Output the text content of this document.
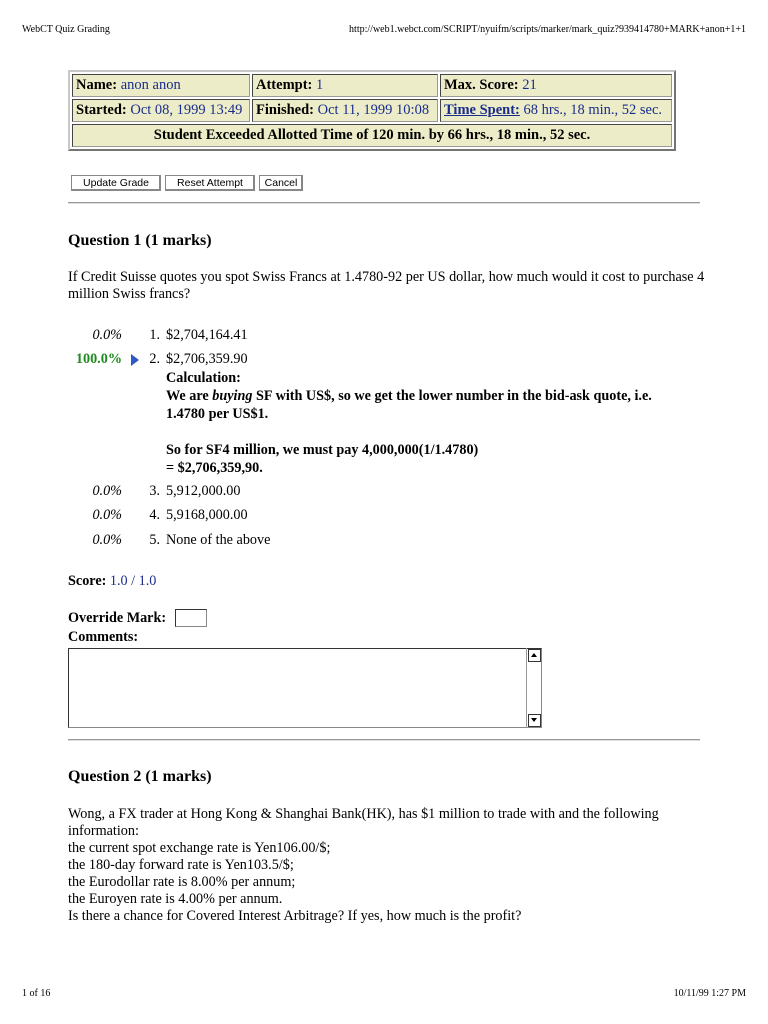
WebCT Quiz Grading	http://web1.webct.com/SCRIPT/nyuifm/scripts/marker/mark_quiz?939414780+MARK+anon+1+1
Name: anon anon	Attempt: 1	Max. Score: 21
Started: Oct 08, 1999 13:49	Finished: Oct 11, 1999 10:08	Time Spent: 68 hrs., 18 min., 52 sec.
Student Exceeded Allotted Time of 120 min. by 66 hrs., 18 min., 52 sec.		
Update Grade	Reset Attempt Cancel
Question 1 (1 marks)
If Credit Suisse quotes you spot Swiss Francs at 1.4780-92 per US dollar, how much would it cost to purchase 4 million Swiss francs?
0.0% 1. $2,704,164.41
100.0% 2. $2,706,359.90
Calculation:
We are buying SF with US$, so we get the lower number in the bid-ask quote, i.e.
1.4780 per US$1.
So for SF4 million, we must pay 4,000,000(1/1.4780)
= $2,706,359,90.
0.0% 3. 5,912,000.00
0.0% 4. 5,9168,000.00
0.0% 5. None of the above
Score: 1.0 / 1.0
Override Mark:
Comments:
Question 2 (1 marks)
Wong, a FX trader at Hong Kong & Shanghai Bank(HK), has $1 million to trade with and the following
information:
the current spot exchange rate is Yen106.00/$;
the 180-day forward rate is Yen103.5/$;
the Eurodollar rate is 8.00% per annum;
the Euroyen rate is 4.00% per annum.
Is there a chance for Covered Interest Arbitrage? If yes, how much is the profit?
1 of 16	10/11/99 1:27 PM
